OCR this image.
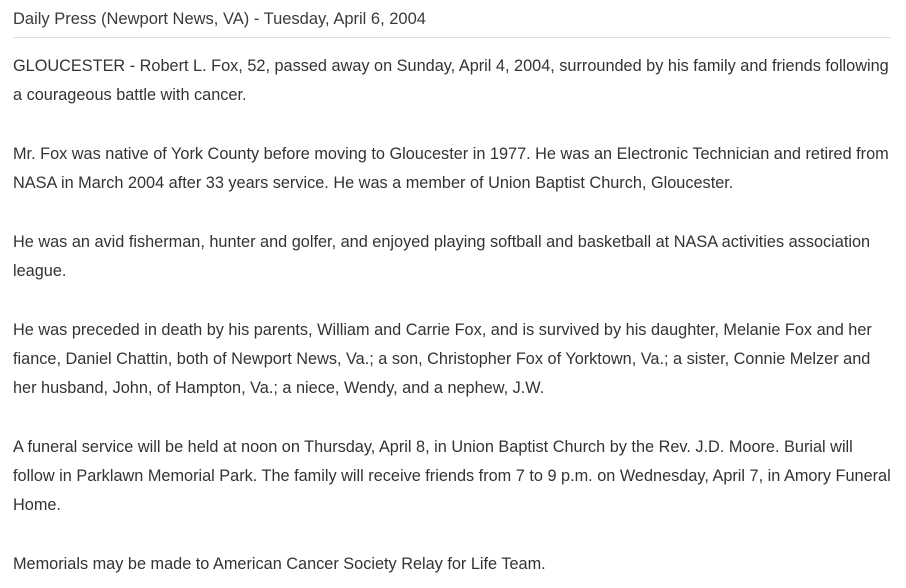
Daily Press (Newport News, VA) - Tuesday, April 6, 2004

GLOUCESTER - Robert L. Fox, 52, passed away on Sunday, April 4, 2004, surrounded by his family and friends following a courageous battle with cancer.

Mr. Fox was native of York County before moving to Gloucester in 1977. He was an Electronic Technician and retired from NASA in March 2004 after 33 years service. He was a member of Union Baptist Church, Gloucester.

He was an avid fisherman, hunter and golfer, and enjoyed playing softball and basketball at NASA activities association league.

He was preceded in death by his parents, William and Carrie Fox, and is survived by his daughter, Melanie Fox and her fiance, Daniel Chattin, both of Newport News, Va.; a son, Christopher Fox of Yorktown, Va.; a sister, Connie Melzer and her husband, John, of Hampton, Va.; a niece, Wendy, and a nephew, J.W.

A funeral service will be held at noon on Thursday, April 8, in Union Baptist Church by the Rev. J.D. Moore. Burial will follow in Parklawn Memorial Park. The family will receive friends from 7 to 9 p.m. on Wednesday, April 7, in Amory Funeral Home.

Memorials may be made to American Cancer Society Relay for Life Team.
